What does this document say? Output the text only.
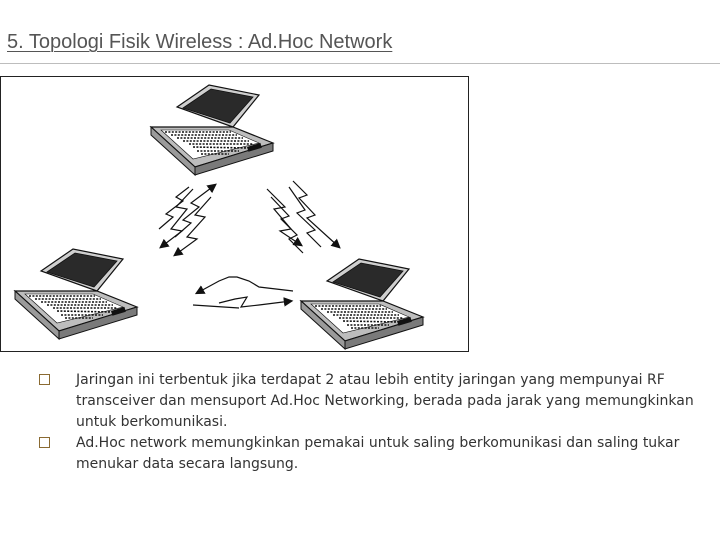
5. Topologi Fisik Wireless : Ad.Hoc Network
Jaringan ini terbentuk jika terdapat 2 atau lebih entity jaringan yang mempunyai RF transceiver dan mensuport Ad.Hoc Networking, berada pada jarak yang memungkinkan untuk berkomunikasi.
Ad.Hoc network memungkinkan pemakai untuk saling berkomunikasi dan saling tukar menukar data secara langsung.
